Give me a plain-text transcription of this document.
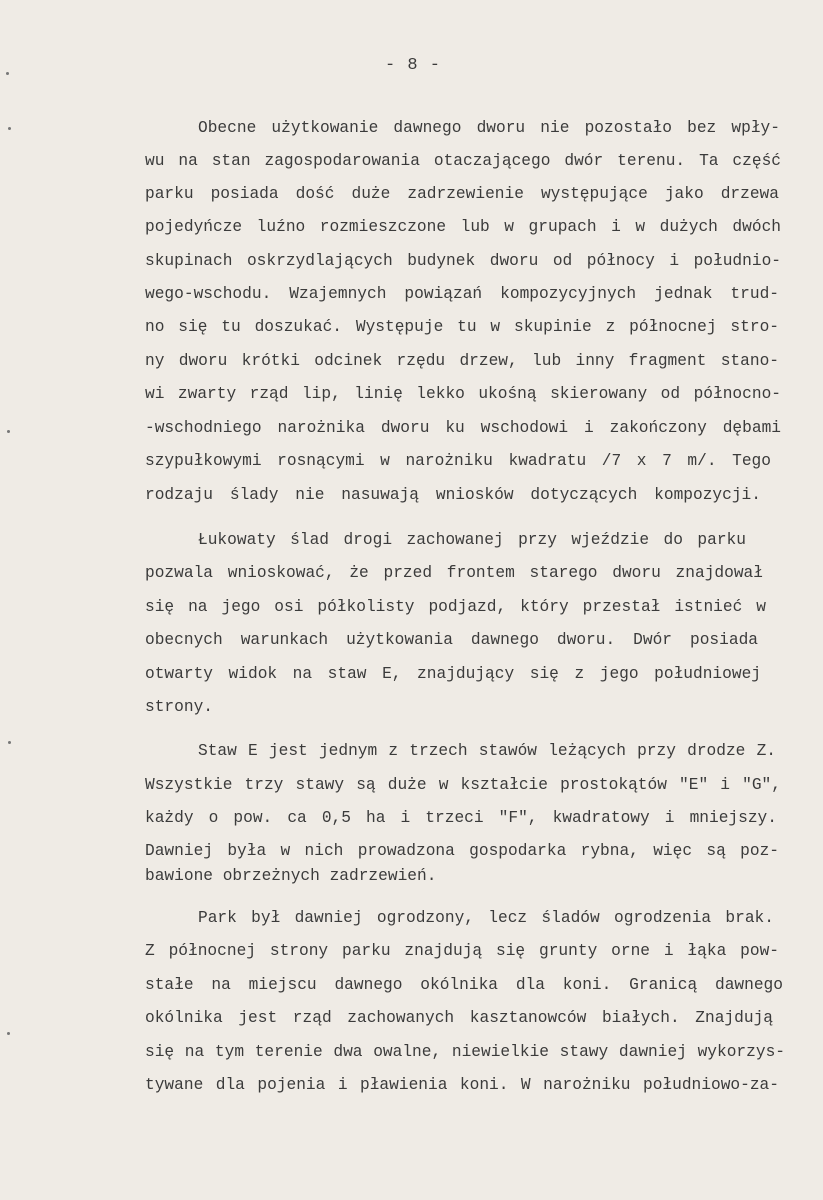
- 8 -
Obecne użytkowanie dawnego dworu nie pozostało bez wpły-
wu na stan zagospodarowania otaczającego dwór terenu. Ta część
parku posiada dość duże zadrzewienie występujące jako drzewa
pojedyńcze luźno rozmieszczone lub w grupach i w dużych dwóch
skupinach oskrzydlających budynek dworu od północy i południo-
wego-wschodu. Wzajemnych powiązań kompozycyjnych jednak trud-
no się tu doszukać. Występuje tu w skupinie z północnej stro-
ny dworu krótki odcinek rzędu drzew, lub inny fragment stano-
wi zwarty rząd lip, linię lekko ukośną skierowany od północno-
-wschodniego narożnika dworu ku wschodowi i zakończony dębami
szypułkowymi rosnącymi w narożniku kwadratu /7 x 7 m/. Tego
rodzaju ślady nie nasuwają wniosków dotyczących kompozycji.
Łukowaty ślad drogi zachowanej przy wjeździe do parku
pozwala wnioskować, że przed frontem starego dworu znajdował
się na jego osi półkolisty podjazd, który przestał istnieć w
obecnych warunkach użytkowania dawnego dworu. Dwór posiada
otwarty widok na staw E, znajdujący się z jego południowej
strony.
Staw E jest jednym z trzech stawów leżących przy drodze Z.
Wszystkie trzy stawy są duże w kształcie prostokątów "E" i "G",
każdy o pow. ca 0,5 ha i trzeci "F", kwadratowy i mniejszy.
Dawniej była w nich prowadzona gospodarka rybna, więc są poz-
bawione obrzeżnych zadrzewień.
Park był dawniej ogrodzony, lecz śladów ogrodzenia brak.
Z północnej strony parku znajdują się grunty orne i łąka pow-
stałe na miejscu dawnego okólnika dla koni. Granicą dawnego
okólnika jest rząd zachowanych kasztanowców białych. Znajdują
się na tym terenie dwa owalne, niewielkie stawy dawniej wykorzys-
tywane dla pojenia i pławienia koni. W narożniku południowo-za-
